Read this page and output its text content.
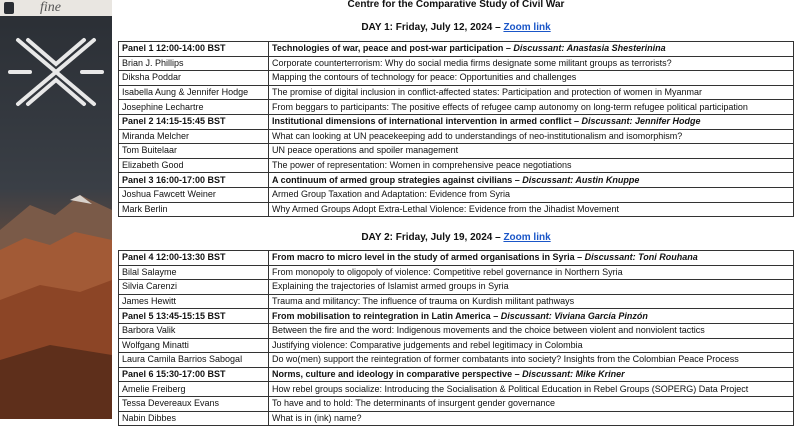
fine	Centre for the Comparative Study of Civil War
DAY 1: Friday, July 12, 2024 – Zoom link
Panel 1 12:00-14:00 BST	Technologies of war, peace and post-war participation – Discussant: Anastasia Shesterinina
Brian J. Phillips	Corporate counterterrorism: Why do social media firms designate some militant groups as terrorists?
Diksha Poddar	Mapping the contours of technology for peace: Opportunities and challenges
Isabella Aung & Jennifer Hodge	The promise of digital inclusion in conflict-affected states: Participation and protection of women in Myanmar
Josephine Lechartre	From beggars to participants: The positive effects of refugee camp autonomy on long-term refugee political participation
Panel 2 14:15-15:45 BST	Institutional dimensions of international intervention in armed conflict – Discussant: Jennifer Hodge
Miranda Melcher	What can looking at UN peacekeeping add to understandings of neo-institutionalism and isomorphism?
Tom Buitelaar	UN peace operations and spoiler management
Elizabeth Good	The power of representation: Women in comprehensive peace negotiations
Panel 3 16:00-17:00 BST	A continuum of armed group strategies against civilians – Discussant: Austin Knuppe
Joshua Fawcett Weiner	Armed Group Taxation and Adaptation: Evidence from Syria
Mark Berlin	Why Armed Groups Adopt Extra-Lethal Violence: Evidence from the Jihadist Movement
DAY 2: Friday, July 19, 2024 – Zoom link
Panel 4 12:00-13:30 BST	From macro to micro level in the study of armed organisations in Syria – Discussant: Toni Rouhana
Bilal Salayme	From monopoly to oligopoly of violence: Competitive rebel governance in Northern Syria
Silvia Carenzi	Explaining the trajectories of Islamist armed groups in Syria
James Hewitt	Trauma and militancy: The influence of trauma on Kurdish militant pathways
Panel 5 13:45-15:15 BST	From mobilisation to reintegration in Latin America – Discussant: Viviana García Pinzón
Barbora Valik	Between the fire and the word: Indigenous movements and the choice between violent and nonviolent tactics
Wolfgang Minatti	Justifying violence: Comparative judgements and rebel legitimacy in Colombia
Laura Camila Barrios Sabogal	Do wo(men) support the reintegration of former combatants into society? Insights from the Colombian Peace Process
Panel 6 15:30-17:00 BST	Norms, culture and ideology in comparative perspective – Discussant: Mike Kriner
Amelie Freiberg	How rebel groups socialize: Introducing the Socialisation & Political Education in Rebel Groups (SOPERG) Data Project
Tessa Devereaux Evans	To have and to hold: The determinants of insurgent gender governance
Nabin Dibbes	What is in (ink) name?
